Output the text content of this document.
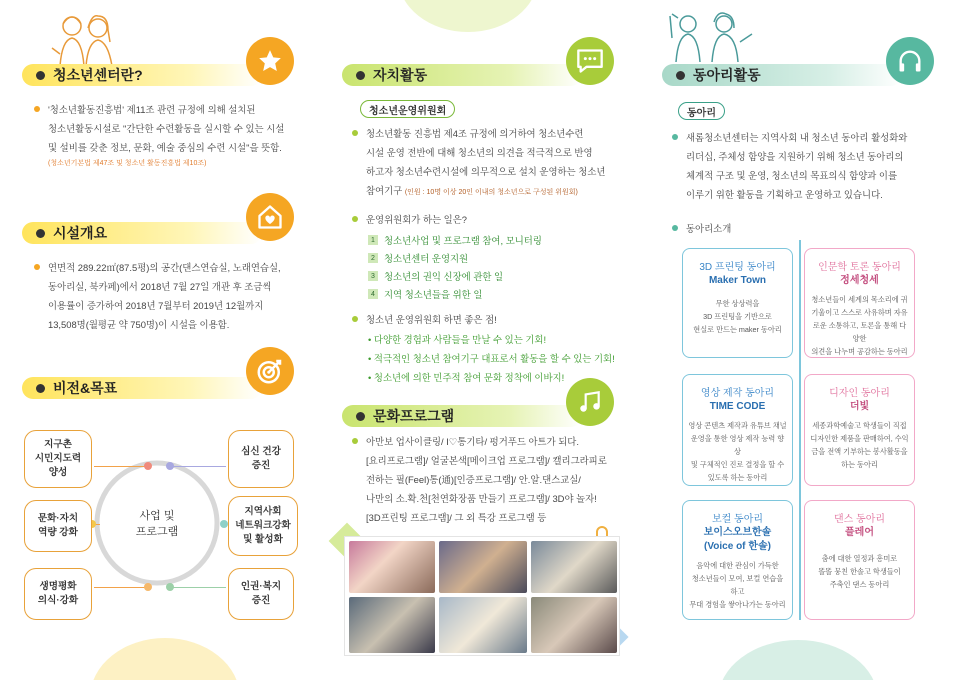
청소년센터란?
'청소년활동진흥법' 제11조 관련 규정에 의해 설치된
청소년활동시설로 "간단한 수련활동을 실시할 수 있는 시설
및 설비를 갖춘 정보, 문화, 예술 중심의 수련 시설"을 뜻함.
(청소년기본법 제47조 및 청소년 활동진흥법 제10조)
시설개요
연면적 289.22㎡(87.5평)의 공간(댄스연습실, 노래연습실,
동아리실, 북카페)에서 2018년 7월 27일 개관 후 조금씩
이용률이 증가하여 2018년 7월부터 2019년 12월까지
13,508명(월평균 약 750명)이 시설을 이용함.
비전&목표
사업 및
프로그램
지구촌
시민지도력
양성
심신 건강
증진
문화·자치
역량 강화
지역사회
네트워크강화
및 활성화
생명평화
의식·강화
인권·복지
증진
자치활동
청소년운영위원회
청소년활동 진흥법 제4조 규정에 의거하여 청소년수련
시설 운영 전반에 대해 청소년의 의견을 적극적으로 반영
하고자 청소년수련시설에 의무적으로 설치 운영하는 청소년
참여기구 (인원 : 10명 이상 20인 이내의 청소년으로 구성된 위원회)
운영위원회가 하는 일은?
1 청소년사업 및 프로그램 참여, 모니터링
2 청소년센터 운영지원
3 청소년의 권익 신장에 관한 일
4 지역 청소년들을 위한 일
청소년 운영위원회 하면 좋은 점!
• 다양한 경험과 사람들을 만날 수 있는 기회!
• 적극적인 청소년 참여기구 대표로서 활동을 할 수 있는 기회!
• 청소년에 의한 민주적 참여 문화 정착에 이바지!
문화프로그램
아만보 업사이클링/ I♡통기타/ 펑거푸드 아트가 되다.
[요리프로그램]/ 얼굴본색[메이크업 프로그램]/ 캘리그라피로
전하는 필(Feel)통(通)[인증프로그램]/ 안.알.댄스교실/
나만의 소.확.천[천연화장품 만들기 프로그램]/ 3D야 놀자!
[3D프린팅 프로그램]/ 그 외 특강 프로그램 등
동아리활동
동아리
새롬청소년센터는 지역사회 내 청소년 동아리 활성화와
리더십, 주체성 함양을 지원하기 위해 청소년 동아리의
체계적 구조 및 운영, 청소년의 목표의식 함양과 이를
이루기 위한 활동을 기획하고 운영하고 있습니다.
동아리소개
3D 프린팅 동아리
Maker Town
무한 상상력을
3D 프린팅을 기반으로
현실로 만드는 maker 동아리
인문학 토론 동아리
정세청세
청소년들이 세계의 목소리에 귀
기울이고 스스로 사유하며 자유
로운 소통하고, 토론을 통해 다양한
의견을 나누며 공감하는 동아리
영상 제작 동아리
TIME CODE
영상 콘텐츠 제작과 유튜브 채널
운영을 통한 영상 제작 능력 향상
및 구체적인 진로 결정을 할 수
있도록 하는 동아리
디자인 동아리
더빛
세종과학예술고 학생들이 직접
디자인한 제품을 판매하여, 수익
금을 전액 기부하는 봉사활동을
하는 동아리
보컬 동아리
보이스오브한솔
(Voice of 한솔)
음악에 대한 관심이 가득한
청소년들이 모여, 보컬 연습을 하고
무대 경험을 쌓아나가는 동아리
댄스 동아리
플레어
춤에 대한 열정과 흥미로
똘똘 뭉친 한솔고 학생들이
주축인 댄스 동아리
